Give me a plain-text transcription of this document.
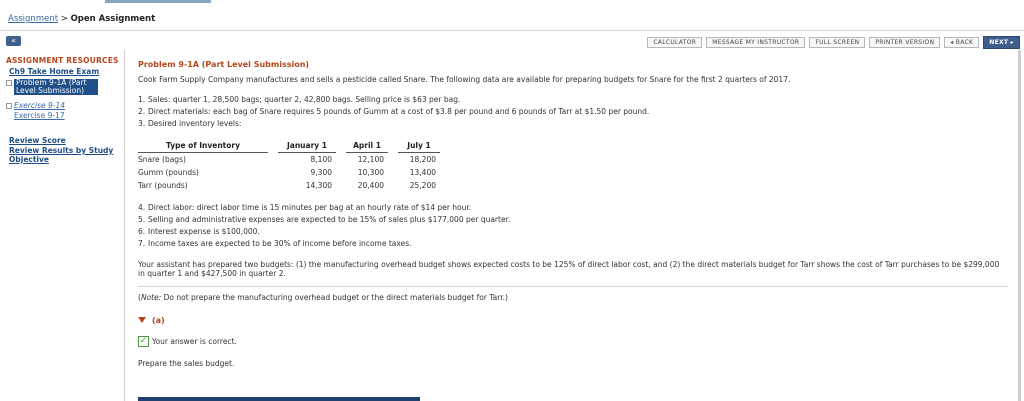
Assignment > Open Assignment
«	CALCULATOR	MESSAGE MY INSTRUCTOR	FULL SCREEN	PRINTER VERSION	◂ BACK	NEXT ▸
ASSIGNMENT RESOURCES
Ch9 Take Home Exam
Problem 9-1A (Part Level Submission)
Exercise 9-14
Exercise 9-17
Review Score
Review Results by Study Objective
Problem 9-1A (Part Level Submission)
Cook Farm Supply Company manufactures and sells a pesticide called Snare. The following data are available for preparing budgets for Snare for the first 2 quarters of 2017.
1. Sales: quarter 1, 28,500 bags; quarter 2, 42,800 bags. Selling price is $63 per bag.
2. Direct materials: each bag of Snare requires 5 pounds of Gumm at a cost of $3.8 per pound and 6 pounds of Tarr at $1.50 per pound.
3. Desired inventory levels:
Type of Inventory		January 1		April 1		July 1
Snare (bags)		8,100		12,100		18,200
Gumm (pounds)		9,300		10,300		13,400
Tarr (pounds)		14,300		20,400		25,200
4. Direct labor: direct labor time is 15 minutes per bag at an hourly rate of $14 per hour.
5. Selling and administrative expenses are expected to be 15% of sales plus $177,000 per quarter.
6. Interest expense is $100,000.
7. Income taxes are expected to be 30% of income before income taxes.
Your assistant has prepared two budgets: (1) the manufacturing overhead budget shows expected costs to be 125% of direct labor cost, and (2) the direct materials budget for Tarr shows the cost of Tarr purchases to be $299,000 in quarter 1 and $427,500 in quarter 2.
(Note: Do not prepare the manufacturing overhead budget or the direct materials budget for Tarr.)
(a)
✓ Your answer is correct.
Prepare the sales budget.
